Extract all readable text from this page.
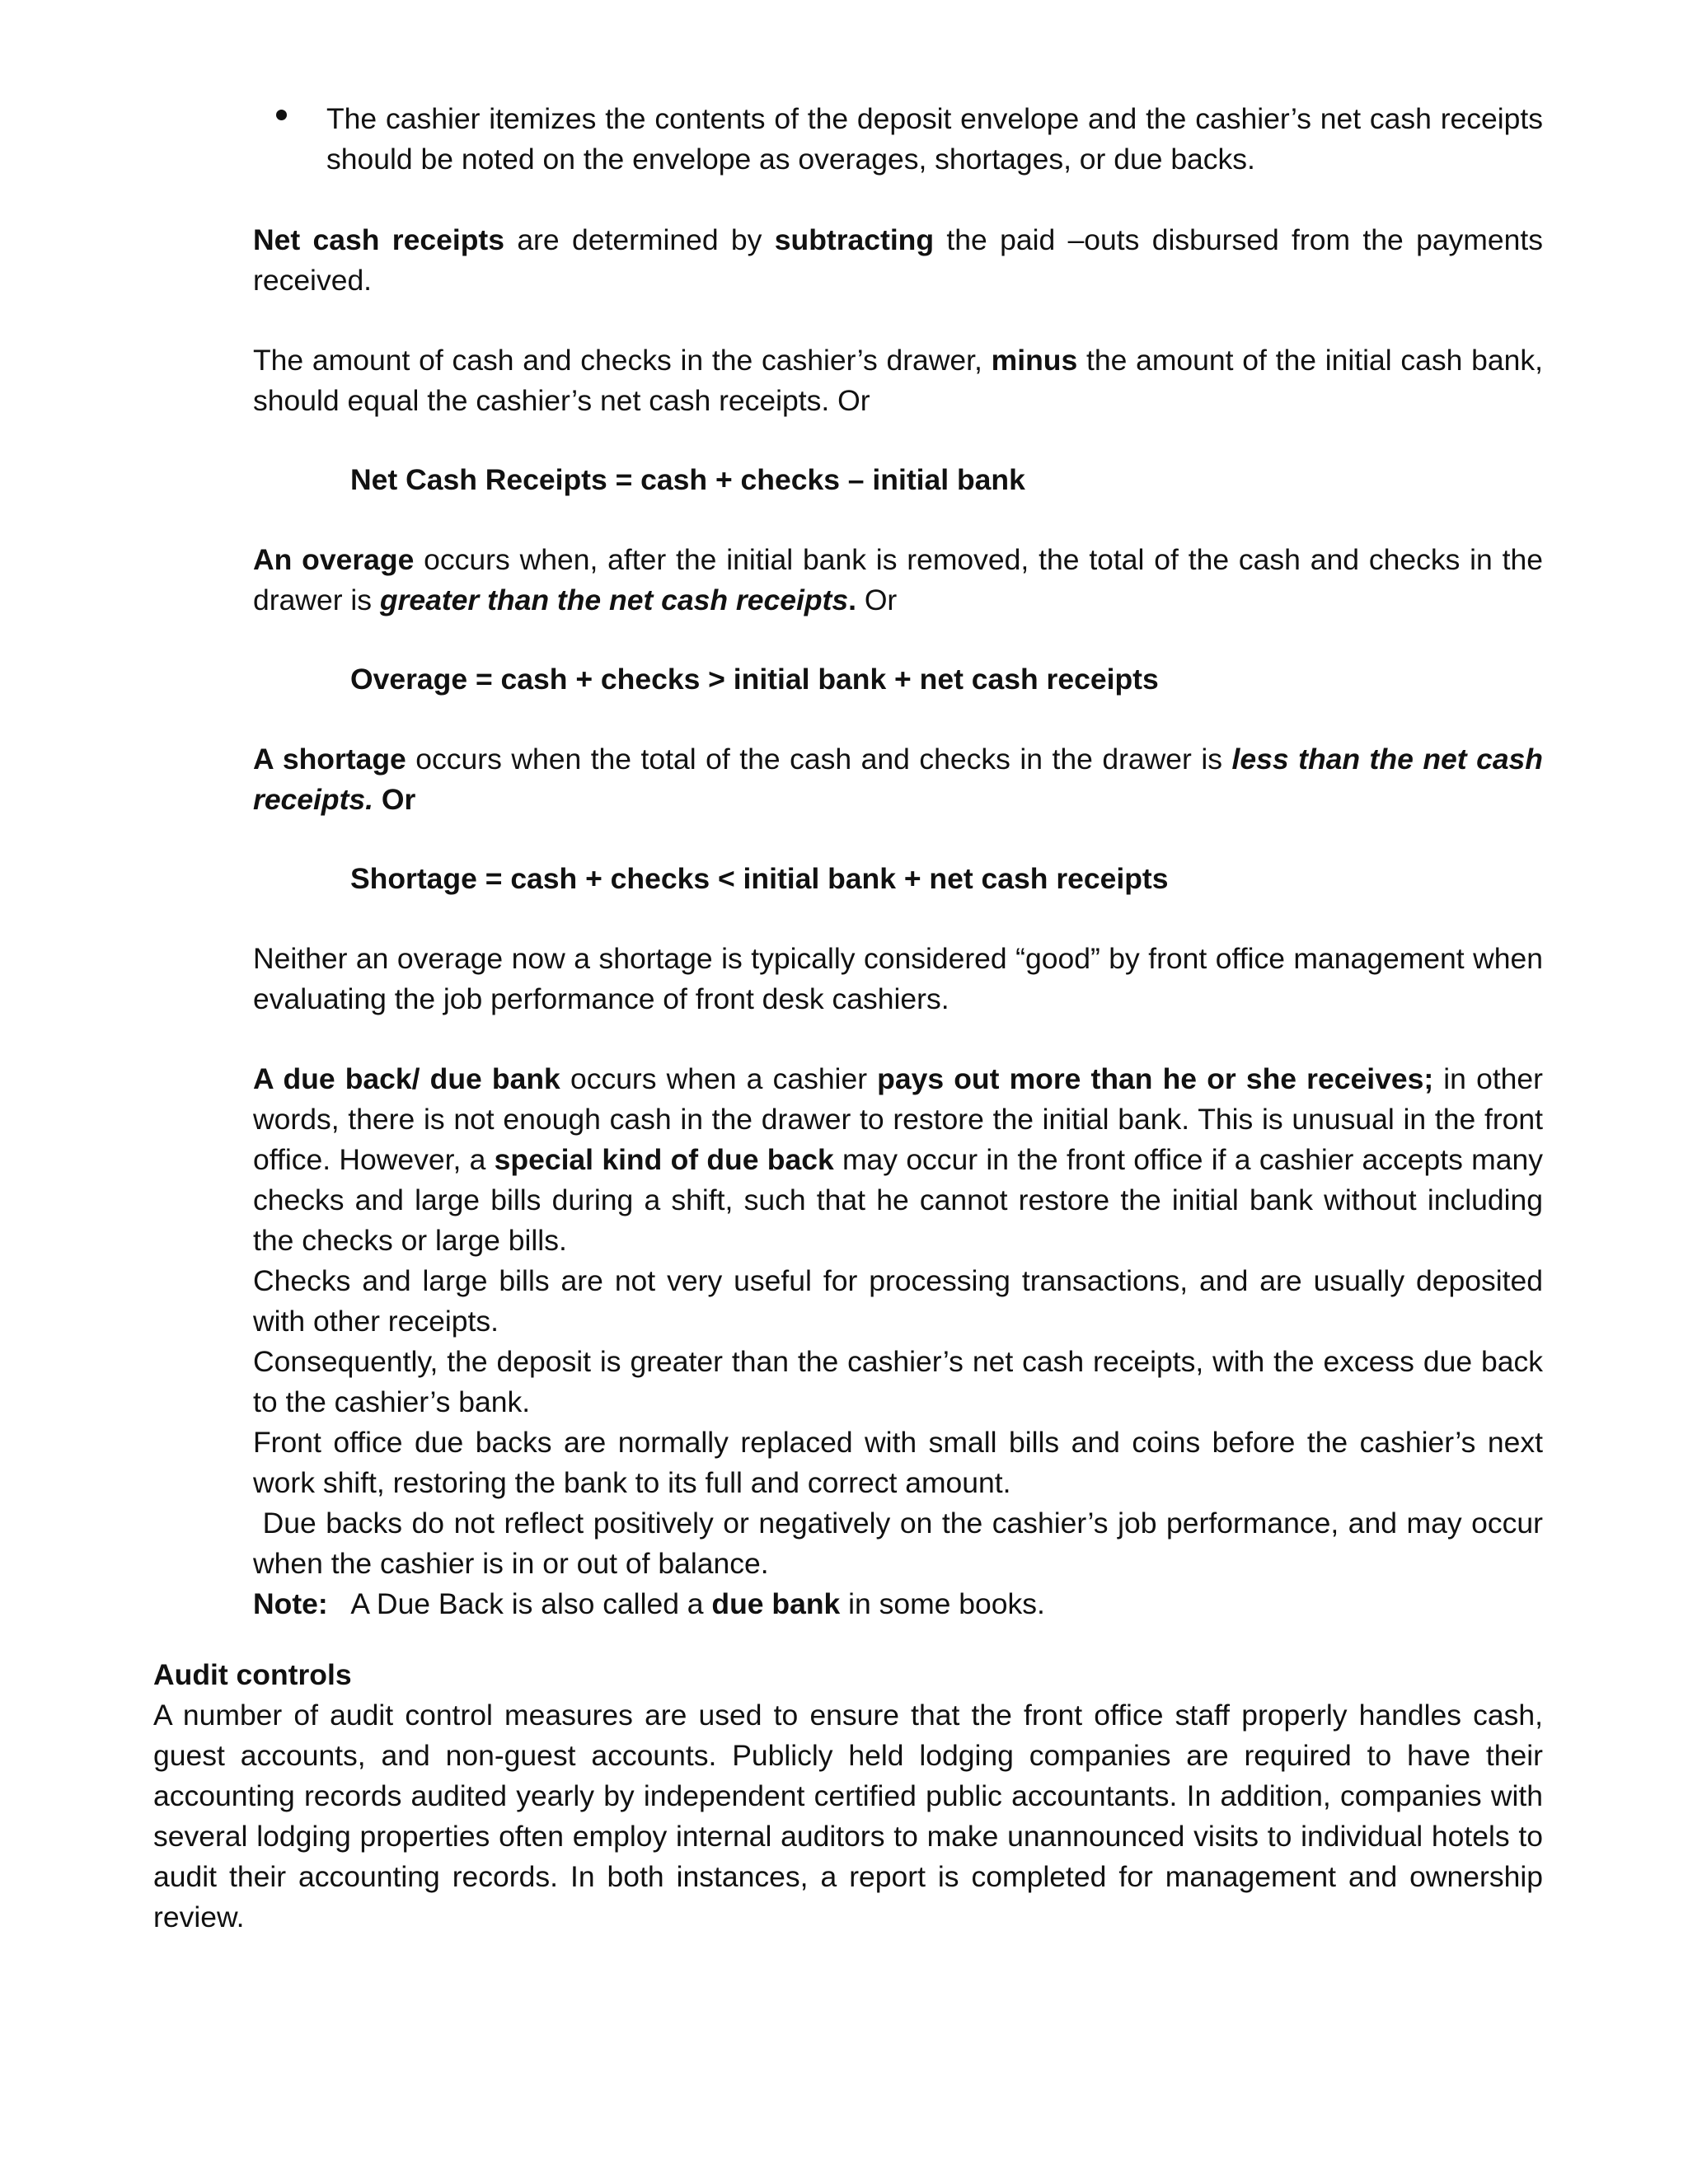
The cashier itemizes the contents of the deposit envelope and the cashier’s net cash receipts should be noted on the envelope as overages, shortages, or due backs.

Net cash receipts are determined by subtracting the paid –outs disbursed from the payments received.

The amount of cash and checks in the cashier’s drawer, minus the amount of the initial cash bank, should equal the cashier’s net cash receipts. Or

Net Cash Receipts = cash + checks – initial bank

An overage occurs when, after the initial bank is removed, the total of the cash and checks in the drawer is greater than the net cash receipts. Or

Overage = cash + checks > initial bank + net cash receipts

A shortage occurs when the total of the cash and checks in the drawer is less than the net cash receipts. Or

Shortage = cash + checks < initial bank + net cash receipts

Neither an overage now a shortage is typically considered “good” by front office management when evaluating the job performance of front desk cashiers.

A due back/ due bank occurs when a cashier pays out more than he or she receives; in other words, there is not enough cash in the drawer to restore the initial bank. This is unusual in the front office. However, a special kind of due back may occur in the front office if a cashier accepts many checks and large bills during a shift, such that he cannot restore the initial bank without including the checks or large bills.
Checks and large bills are not very useful for processing transactions, and are usually deposited with other receipts.
Consequently, the deposit is greater than the cashier’s net cash receipts, with the excess due back to the cashier’s bank.
Front office due backs are normally replaced with small bills and coins before the cashier’s next work shift, restoring the bank to its full and correct amount.
Due backs do not reflect positively or negatively on the cashier’s job performance, and may occur when the cashier is in or out of balance.
Note:   A Due Back is also called a due bank in some books.

Audit controls

A number of audit control measures are used to ensure that the front office staff properly handles cash, guest accounts, and non-guest accounts. Publicly held lodging companies are required to have their accounting records audited yearly by independent certified public accountants. In addition, companies with several lodging properties often employ internal auditors to make unannounced visits to individual hotels to audit their accounting records. In both instances, a report is completed for management and ownership review.
